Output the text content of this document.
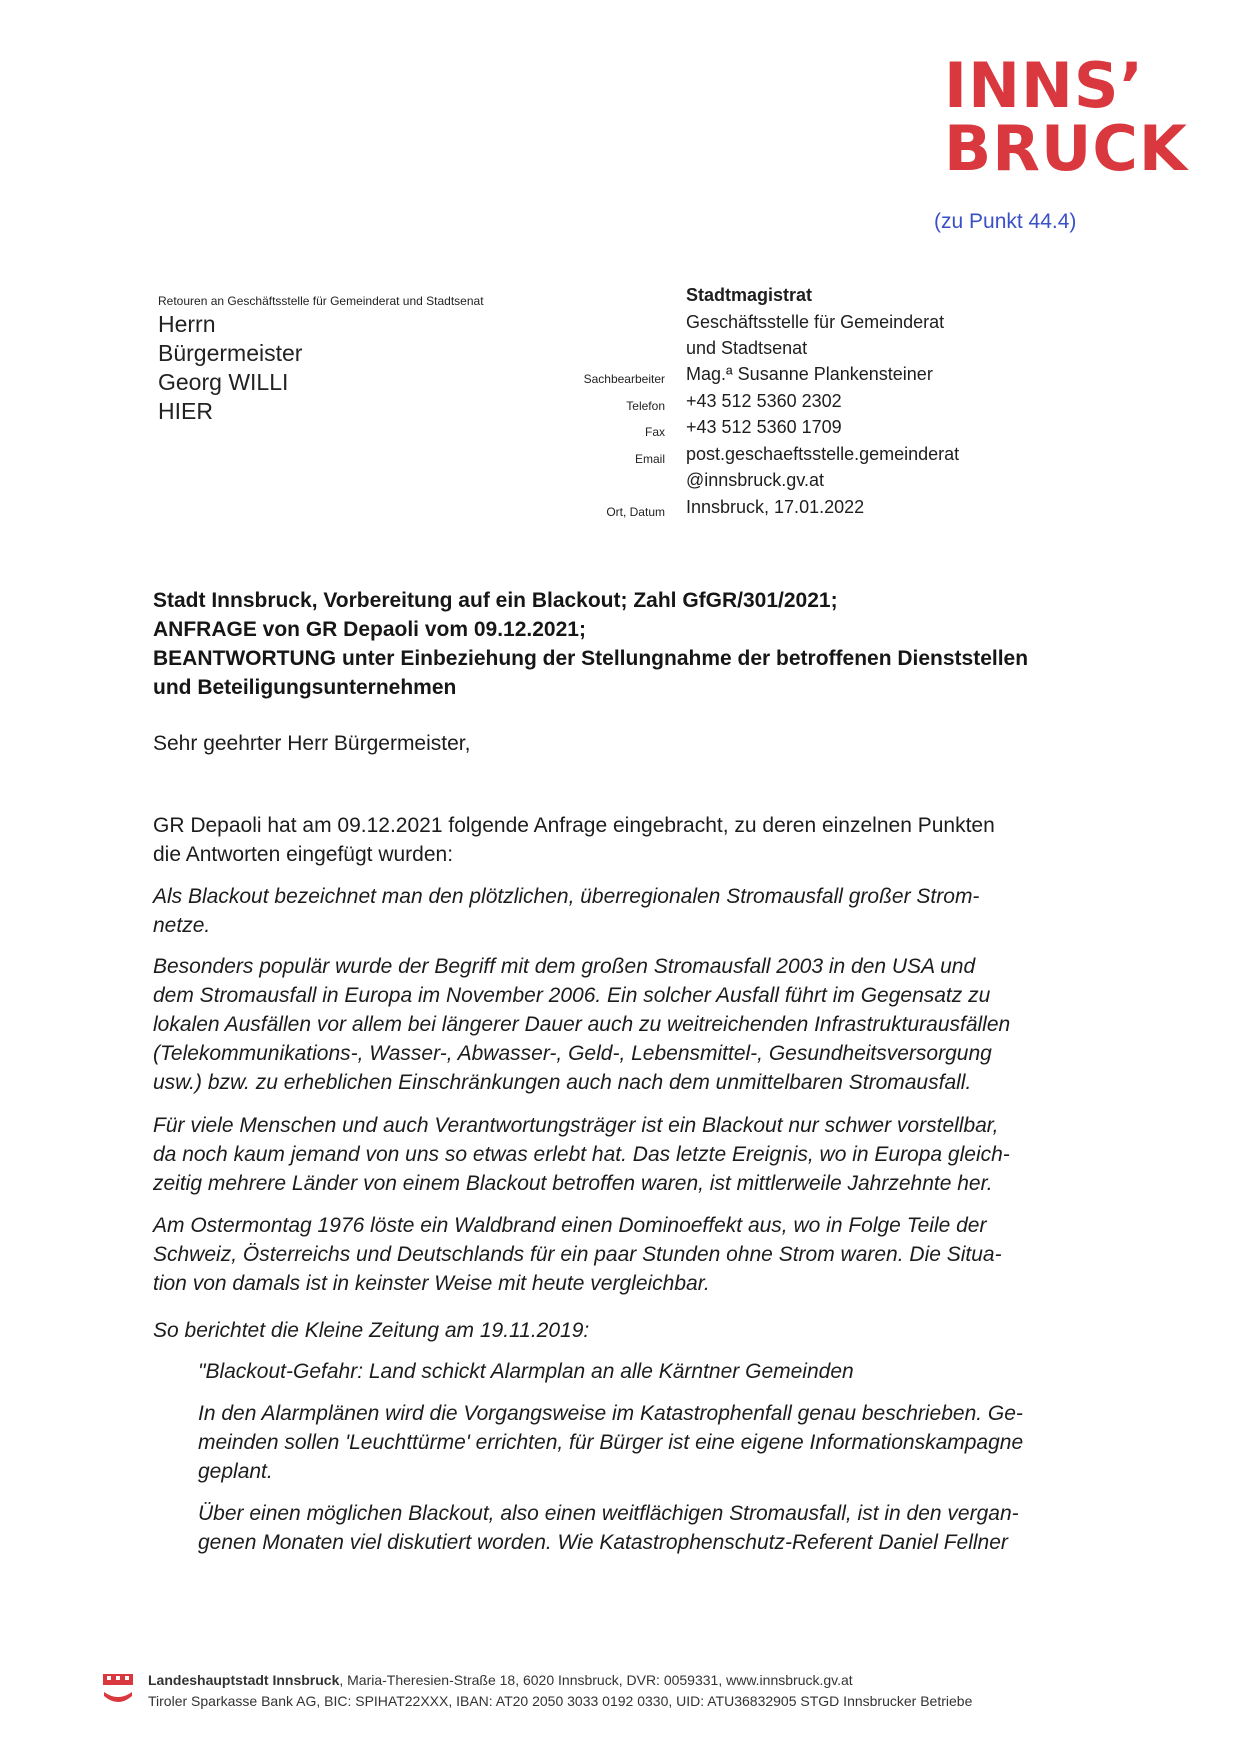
INNS’
BRUCK
(zu Punkt 44.4)
Retouren an Geschäftsstelle für Gemeinderat und Stadtsenat
Herrn
Bürgermeister
Georg WILLI
HIER
Stadtmagistrat
Geschäftsstelle für Gemeinderat
und Stadtsenat
Sachbearbeiter Mag.ª Susanne Plankensteiner
Telefon +43 512 5360 2302
Fax +43 512 5360 1709
Email post.geschaeftsstelle.gemeinderat
@innsbruck.gv.at
Ort, Datum Innsbruck, 17.01.2022
Stadt Innsbruck, Vorbereitung auf ein Blackout; Zahl GfGR/301/2021;
ANFRAGE von GR Depaoli vom 09.12.2021;
BEANTWORTUNG unter Einbeziehung der Stellungnahme der betroffenen Dienststellen
und Beteiligungsunternehmen
Sehr geehrter Herr Bürgermeister,
GR Depaoli hat am 09.12.2021 folgende Anfrage eingebracht, zu deren einzelnen Punkten
die Antworten eingefügt wurden:
Als Blackout bezeichnet man den plötzlichen, überregionalen Stromausfall großer Strom-
netze.
Besonders populär wurde der Begriff mit dem großen Stromausfall 2003 in den USA und
dem Stromausfall in Europa im November 2006. Ein solcher Ausfall führt im Gegensatz zu
lokalen Ausfällen vor allem bei längerer Dauer auch zu weitreichenden Infrastrukturausfällen
(Telekommunikations-, Wasser-, Abwasser-, Geld-, Lebensmittel-, Gesundheitsversorgung
usw.) bzw. zu erheblichen Einschränkungen auch nach dem unmittelbaren Stromausfall.
Für viele Menschen und auch Verantwortungsträger ist ein Blackout nur schwer vorstellbar,
da noch kaum jemand von uns so etwas erlebt hat. Das letzte Ereignis, wo in Europa gleich-
zeitig mehrere Länder von einem Blackout betroffen waren, ist mittlerweile Jahrzehnte her.
Am Ostermontag 1976 löste ein Waldbrand einen Dominoeffekt aus, wo in Folge Teile der
Schweiz, Österreichs und Deutschlands für ein paar Stunden ohne Strom waren. Die Situa-
tion von damals ist in keinster Weise mit heute vergleichbar.
So berichtet die Kleine Zeitung am 19.11.2019:
"Blackout-Gefahr: Land schickt Alarmplan an alle Kärntner Gemeinden
In den Alarmplänen wird die Vorgangsweise im Katastrophenfall genau beschrieben. Ge-
meinden sollen 'Leuchttürme' errichten, für Bürger ist eine eigene Informationskampagne
geplant.
Über einen möglichen Blackout, also einen weitflächigen Stromausfall, ist in den vergan-
genen Monaten viel diskutiert worden. Wie Katastrophenschutz-Referent Daniel Fellner
Landeshauptstadt Innsbruck, Maria-Theresien-Straße 18, 6020 Innsbruck, DVR: 0059331, www.innsbruck.gv.at
Tiroler Sparkasse Bank AG, BIC: SPIHAT22XXX, IBAN: AT20 2050 3033 0192 0330, UID: ATU36832905 STGD Innsbrucker Betriebe
